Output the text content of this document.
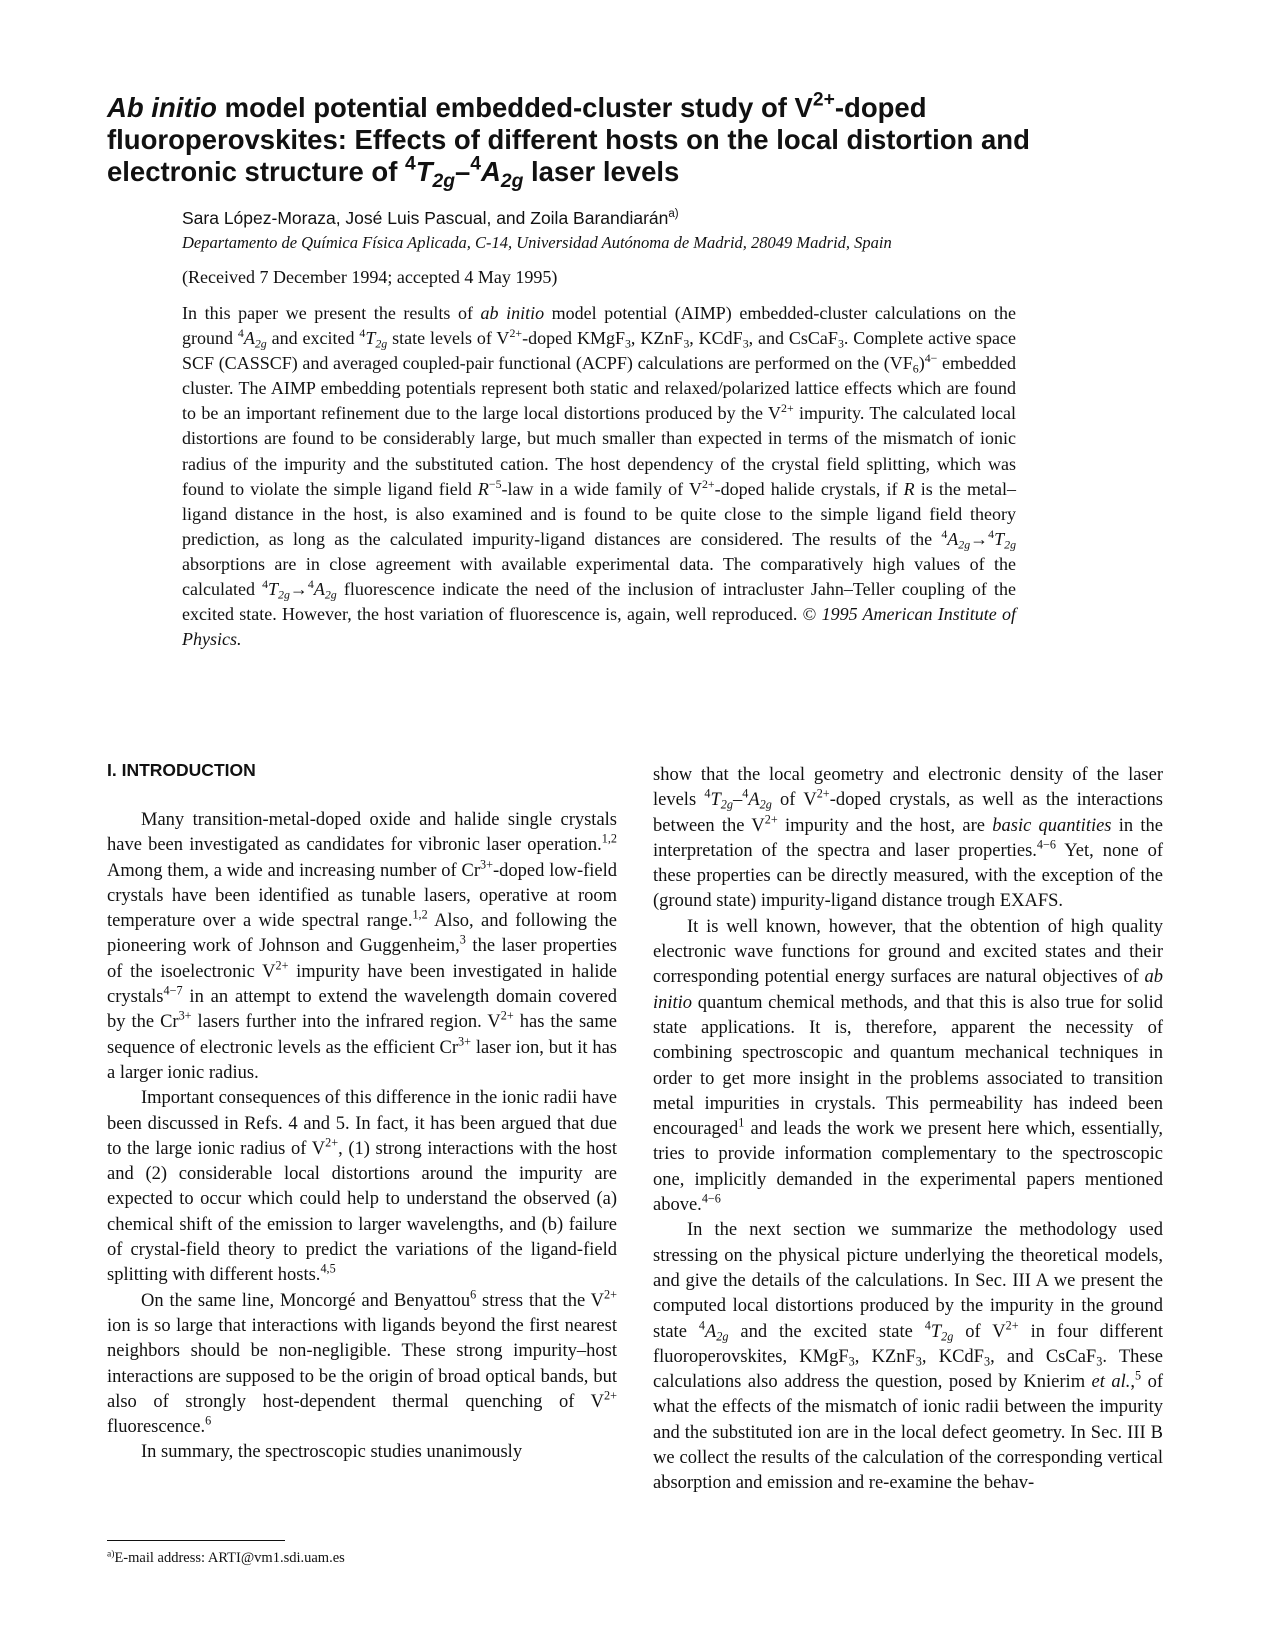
Ab initio model potential embedded-cluster study of $V^{2+}$-doped fluoroperovskites: Effects of different hosts on the local distortion and electronic structure of $^4T_{2g}-^4A_{2g}$ laser levels
Sara López-Moraza, José Luis Pascual, and Zoila Barandiarán$^{a)}$
Departamento de Química Física Aplicada, C-14, Universidad Autónoma de Madrid, 28049 Madrid, Spain
(Received 7 December 1994; accepted 4 May 1995)

In this paper we present the results of ab initio model potential (AIMP) embedded-cluster calculations on the ground $^4A_{2g}$ and excited $^4T_{2g}$ state levels of $V^{2+}$-doped KMgF$_3$, KZnF$_3$, KCdF$_3$, and CsCaF$_3$. Complete active space SCF (CASSCF) and averaged coupled-pair functional (ACPF) calculations are performed on the $(VF_6)^{4-}$ embedded cluster. The AIMP embedding potentials represent both static and relaxed/polarized lattice effects which are found to be an important refinement due to the large local distortions produced by the $V^{2+}$ impurity. The calculated local distortions are found to be considerably large, but much smaller than expected in terms of the mismatch of ionic radius of the impurity and the substituted cation. The host dependency of the crystal field splitting, which was found to violate the simple ligand field $R^{-5}$-law in a wide family of $V^{2+}$-doped halide crystals, if R is the metal–ligand distance in the host, is also examined and is found to be quite close to the simple ligand field theory prediction, as long as the calculated impurity-ligand distances are considered. The results of the $^4A_{2g}\to^4T_{2g}$ absorptions are in close agreement with available experimental data. The comparatively high values of the calculated $^4T_{2g}\to^4A_{2g}$ fluorescence indicate the need of the inclusion of intracluster Jahn–Teller coupling of the excited state. However, the host variation of fluorescence is, again, well reproduced. © 1995 American Institute of Physics.

I. INTRODUCTION

Many transition-metal-doped oxide and halide single crystals have been investigated as candidates for vibronic laser operation.$^{1,2}$ Among them, a wide and increasing number of $Cr^{3+}$-doped low-field crystals have been identified as tunable lasers, operative at room temperature over a wide spectral range.$^{1,2}$ Also, and following the pioneering work of Johnson and Guggenheim,$^3$ the laser properties of the isoelectronic $V^{2+}$ impurity have been investigated in halide crystals$^{4-7}$ in an attempt to extend the wavelength domain covered by the $Cr^{3+}$ lasers further into the infrared region. $V^{2+}$ has the same sequence of electronic levels as the efficient $Cr^{3+}$ laser ion, but it has a larger ionic radius.

Important consequences of this difference in the ionic radii have been discussed in Refs. 4 and 5. In fact, it has been argued that due to the large ionic radius of $V^{2+}$, (1) strong interactions with the host and (2) considerable local distortions around the impurity are expected to occur which could help to understand the observed (a) chemical shift of the emission to larger wavelengths, and (b) failure of crystal-field theory to predict the variations of the ligand-field splitting with different hosts.$^{4,5}$

On the same line, Moncorgé and Benyattou$^6$ stress that the $V^{2+}$ ion is so large that interactions with ligands beyond the first nearest neighbors should be non-negligible. These strong impurity–host interactions are supposed to be the origin of broad optical bands, but also of strongly host-dependent thermal quenching of $V^{2+}$ fluorescence.$^6$

In summary, the spectroscopic studies unanimously

show that the local geometry and electronic density of the laser levels $^4T_{2g}-^4A_{2g}$ of $V^{2+}$-doped crystals, as well as the interactions between the $V^{2+}$ impurity and the host, are basic quantities in the interpretation of the spectra and laser properties.$^{4-6}$ Yet, none of these properties can be directly measured, with the exception of the (ground state) impurity-ligand distance trough EXAFS.

It is well known, however, that the obtention of high quality electronic wave functions for ground and excited states and their corresponding potential energy surfaces are natural objectives of ab initio quantum chemical methods, and that this is also true for solid state applications. It is, therefore, apparent the necessity of combining spectroscopic and quantum mechanical techniques in order to get more insight in the problems associated to transition metal impurities in crystals. This permeability has indeed been encouraged$^1$ and leads the work we present here which, essentially, tries to provide information complementary to the spectroscopic one, implicitly demanded in the experimental papers mentioned above.$^{4-6}$

In the next section we summarize the methodology used stressing on the physical picture underlying the theoretical models, and give the details of the calculations. In Sec. III A we present the computed local distortions produced by the impurity in the ground state $^4A_{2g}$ and the excited state $^4T_{2g}$ of $V^{2+}$ in four different fluoroperovskites, KMgF$_3$, KZnF$_3$, KCdF$_3$, and CsCaF$_3$. These calculations also address the question, posed by Knierim et al.,$^5$ of what the effects of the mismatch of ionic radii between the impurity and the substituted ion are in the local defect geometry. In Sec. III B we collect the results of the calculation of the corresponding vertical absorption and emission and re-examine the behav-

$^{a)}$E-mail address: ARTI@vm1.sdi.uam.es
